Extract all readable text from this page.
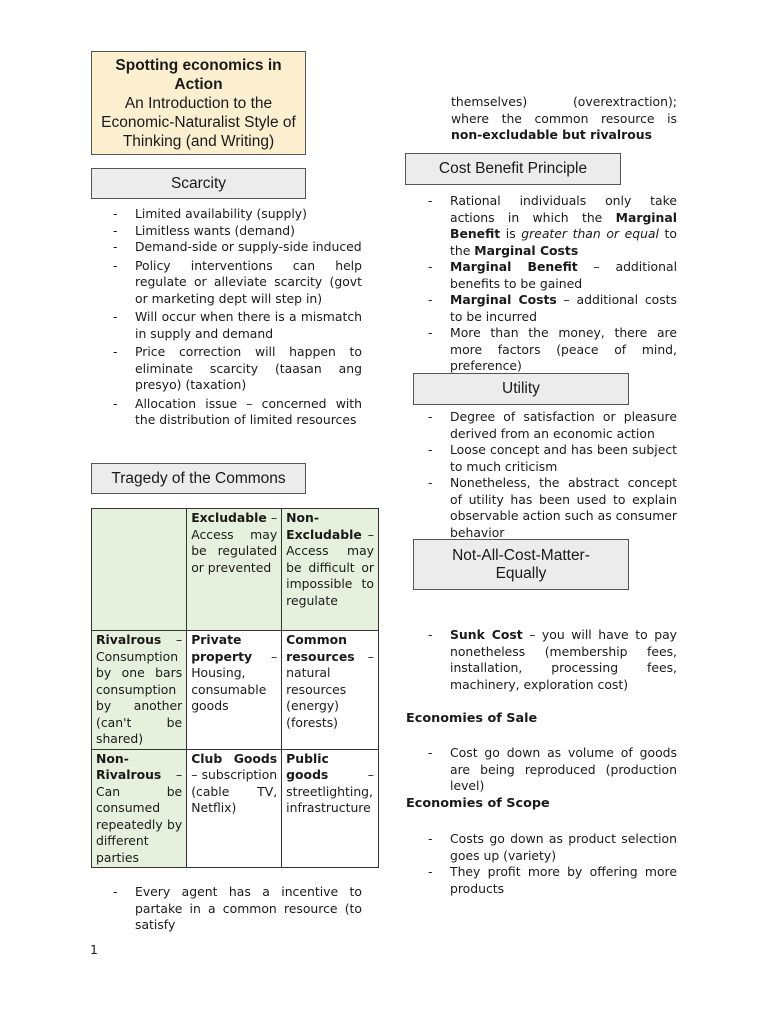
Spotting economics in Action
An Introduction to the Economic-Naturalist Style of Thinking (and Writing)
Scarcity
- Limited availability (supply)
- Limitless wants (demand)
- Demand-side or supply-side induced
- Policy interventions can help regulate or alleviate scarcity (govt or marketing dept will step in)
- Will occur when there is a mismatch in supply and demand
- Price correction will happen to eliminate scarcity (taasan ang presyo) (taxation)
- Allocation issue – concerned with the distribution of limited resources
Tragedy of the Commons
	Excludable – Access may be regulated or prevented	Non-Excludable – Access may be difficult or impossible to regulate
Rivalrous – Consumption by one bars consumption by another (can't be shared)	Private property – Housing, consumable goods	Common resources – natural resources (energy) (forests)
Non-Rivalrous – Can be consumed repeatedly by different parties	Club Goods – subscription (cable TV, Netflix)	Public goods – streetlighting, infrastructure
- Every agent has a incentive to partake in a common resource (to satisfy
1
themselves) (overextraction); where the common resource is non-excludable but rivalrous
Cost Benefit Principle
- Rational individuals only take actions in which the Marginal Benefit is greater than or equal to the Marginal Costs
- Marginal Benefit – additional benefits to be gained
- Marginal Costs – additional costs to be incurred
- More than the money, there are more factors (peace of mind, preference)
Utility
- Degree of satisfaction or pleasure derived from an economic action
- Loose concept and has been subject to much criticism
- Nonetheless, the abstract concept of utility has been used to explain observable action such as consumer behavior
Not-All-Cost-Matter-Equally
- Sunk Cost – you will have to pay nonetheless (membership fees, installation, processing fees, machinery, exploration cost)
Economies of Sale
- Cost go down as volume of goods are being reproduced (production level)
Economies of Scope
- Costs go down as product selection goes up (variety)
- They profit more by offering more products
